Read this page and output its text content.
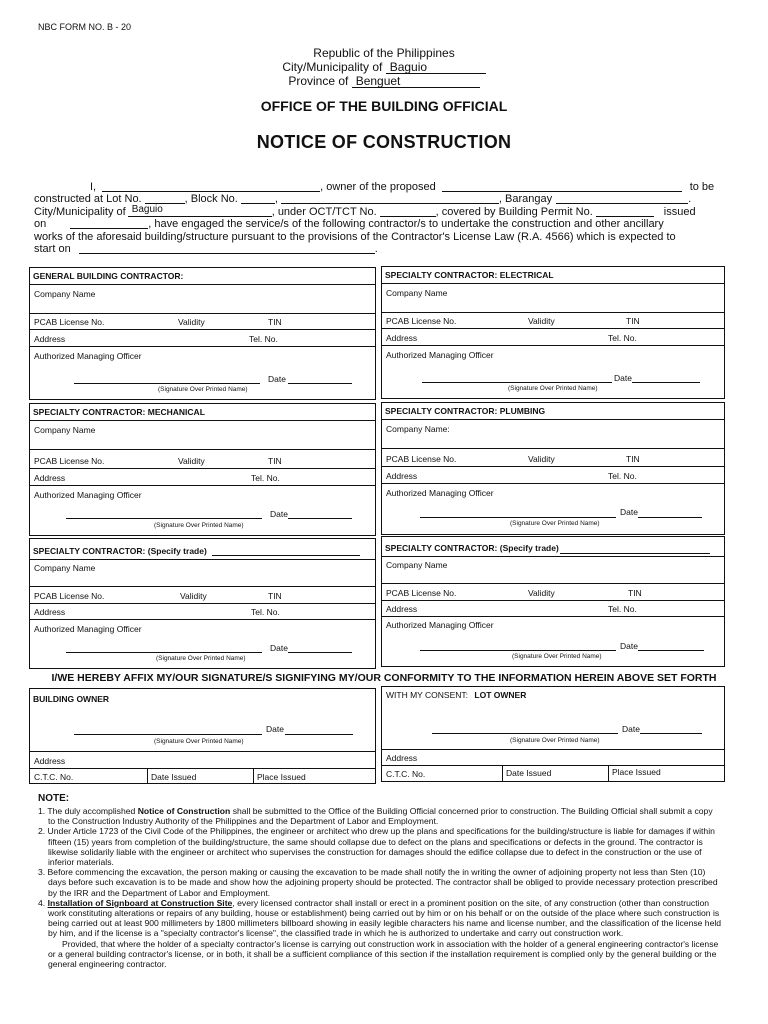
NBC FORM NO. B - 20
Republic of the Philippines
City/Municipality of Baguio
Province of Benguet
OFFICE OF THE BUILDING OFFICIAL
NOTICE OF CONSTRUCTION
I,	, owner of the proposed	to be
constructed at Lot No.	, Block No.	,	, Barangay	.
City/Municipality of Baguio	, under OCT/TCT No.	, covered by Building Permit No.	issued
on	, have engaged the service/s of the following contractor/s to undertake the construction and other ancillary
works of the aforesaid building/structure pursuant to the provisions of the Contractor's License Law (R.A. 4566) which is expected to
start on	.
GENERAL BUILDING CONTRACTOR:
Company Name
PCAB License No.	Validity	TIN
Address	Tel. No.
Authorized Managing Officer
Date
(Signature Over Printed Name)
SPECIALTY CONTRACTOR: ELECTRICAL
Company Name
PCAB License No.	Validity	TIN
Address	Tel. No.
Authorized Managing Officer
Date
(Signature Over Printed Name)
SPECIALTY CONTRACTOR: MECHANICAL
Company Name
PCAB License No.	Validity	TIN
Address	Tel. No.
Authorized Managing Officer
Date
(Signature Over Printed Name)
SPECIALTY CONTRACTOR: PLUMBING
Company Name:
PCAB License No.	Validity	TIN
Address	Tel. No.
Authorized Managing Officer
Date
(Signature Over Printed Name)
SPECIALTY CONTRACTOR: (Specify trade)
Company Name
PCAB License No.	Validity	TIN
Address	Tel. No.
Authorized Managing Officer
Date
(Signature Over Printed Name)
SPECIALTY CONTRACTOR: (Specify trade)
Company Name
PCAB License No.	Validity	TIN
Address	Tel. No.
Authorized Managing Officer
Date
(Signature Over Printed Name)
I/WE HEREBY AFFIX MY/OUR SIGNATURE/S SIGNIFYING MY/OUR CONFORMITY TO THE INFORMATION HEREIN ABOVE SET FORTH
BUILDING OWNER
Date
(Signature Over Printed Name)
Address
C.T.C. No.	Date Issued	Place Issued
WITH MY CONSENT: LOT OWNER
Date
(Signature Over Printed Name)
Address
C.T.C. No.	Date Issued	Place Issued
NOTE:

1. The duly accomplished Notice of Construction shall be submitted to the Office of the Building Official concerned prior to construction. The Building Official shall submit a copy to the Construction Industry Authority of the Philippines and the Department of Labor and Employment.

2. Under Article 1723 of the Civil Code of the Philippines, the engineer or architect who drew up the plans and specifications for the building/structure is liable for damages if within fifteen (15) years from completion of the building/structure, the same should collapse due to defect on the plans and specifications or defects in the ground. The contractor is likewise solidarily liable with the engineer or architect who supervises the construction for damages should the edifice collapse due to defect in the construction or the use of inferior materials.

3. Before commencing the excavation, the person making or causing the excavation to be made shall notify the in writing the owner of adjoining property not less than Sten (10) days before such excavation is to be made and show how the adjoining property should be protected. The contractor shall be obliged to provide necessary protection prescribed by the IRR and the Department of Labor and Employment.

4. Installation of Signboard at Construction Site, every licensed contractor shall install or erect in a prominent position on the site, of any construction (other than construction work constituting alterations or repairs of any building, house or establishment) being carried out by him or on his behalf or on the outside of the place where such construction is being carried out at least 900 millimeters by 1800 millimeters billboard showing in easily legible characters his name and license number, and the classification of the license held by him, and if the license is a "specialty contractor's license", the classified trade in which he is authorized to undertake and carry out construction work.

Provided, that where the holder of a specialty contractor's license is carrying out construction work in association with the holder of a general engineering contractor's license or a general building contractor's license, or in both, it shall be a sufficient compliance of this section if the installation requirement is complied only by the general building or the general engineering contractor.
